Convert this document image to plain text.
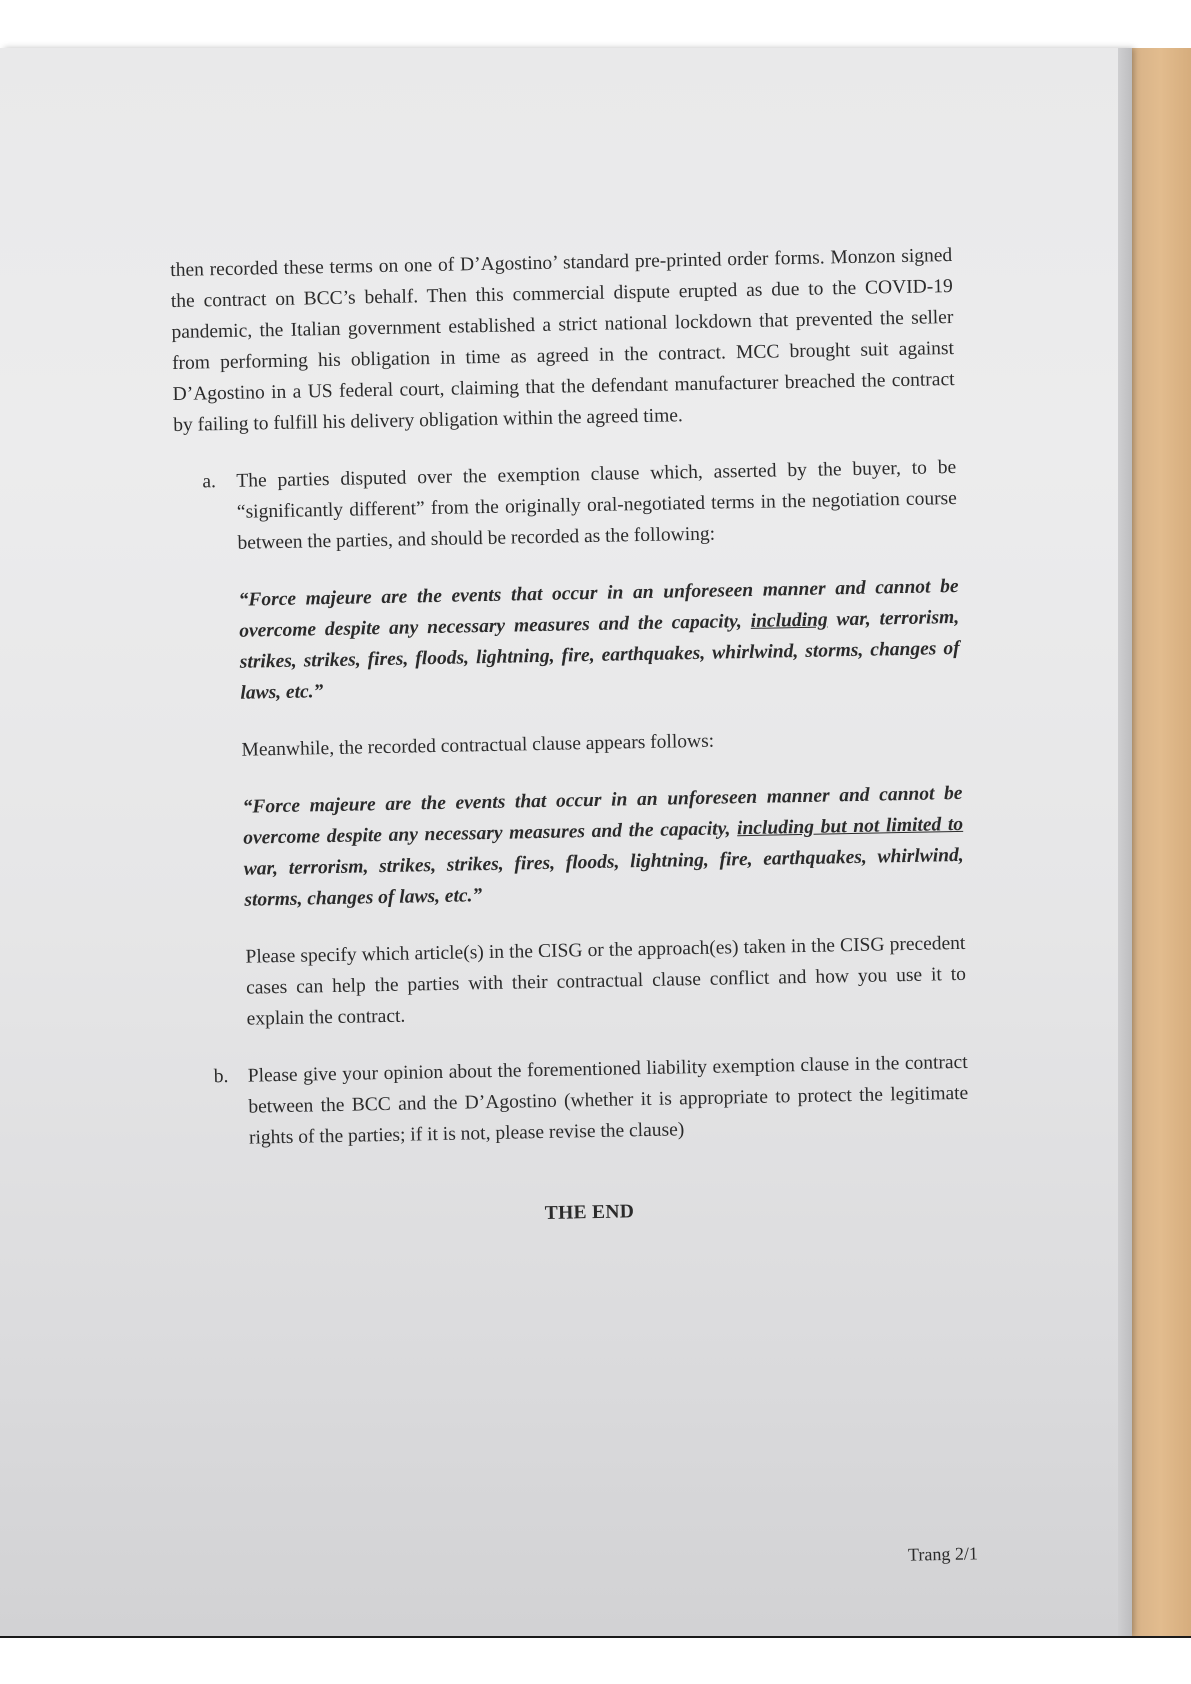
then recorded these terms on one of D’Agostino’ standard pre-printed order forms. Monzon signed the contract on BCC’s behalf. Then this commercial dispute erupted as due to the COVID-19 pandemic, the Italian government established a strict national lockdown that prevented the seller from performing his obligation in time as agreed in the contract. MCC brought suit against D’Agostino in a US federal court, claiming that the defendant manufacturer breached the contract by failing to fulfill his delivery obligation within the agreed time.

a. The parties disputed over the exemption clause which, asserted by the buyer, to be “significantly different” from the originally oral-negotiated terms in the negotiation course between the parties, and should be recorded as the following:

“Force majeure are the events that occur in an unforeseen manner and cannot be overcome despite any necessary measures and the capacity, including war, terrorism, strikes, strikes, fires, floods, lightning, fire, earthquakes, whirlwind, storms, changes of laws, etc.”

Meanwhile, the recorded contractual clause appears follows:

“Force majeure are the events that occur in an unforeseen manner and cannot be overcome despite any necessary measures and the capacity, including but not limited to war, terrorism, strikes, strikes, fires, floods, lightning, fire, earthquakes, whirlwind, storms, changes of laws, etc.”

Please specify which article(s) in the CISG or the approach(es) taken in the CISG precedent cases can help the parties with their contractual clause conflict and how you use it to explain the contract.

b. Please give your opinion about the forementioned liability exemption clause in the contract between the BCC and the D’Agostino (whether it is appropriate to protect the legitimate rights of the parties; if it is not, please revise the clause)

THE END
Trang 2/1
